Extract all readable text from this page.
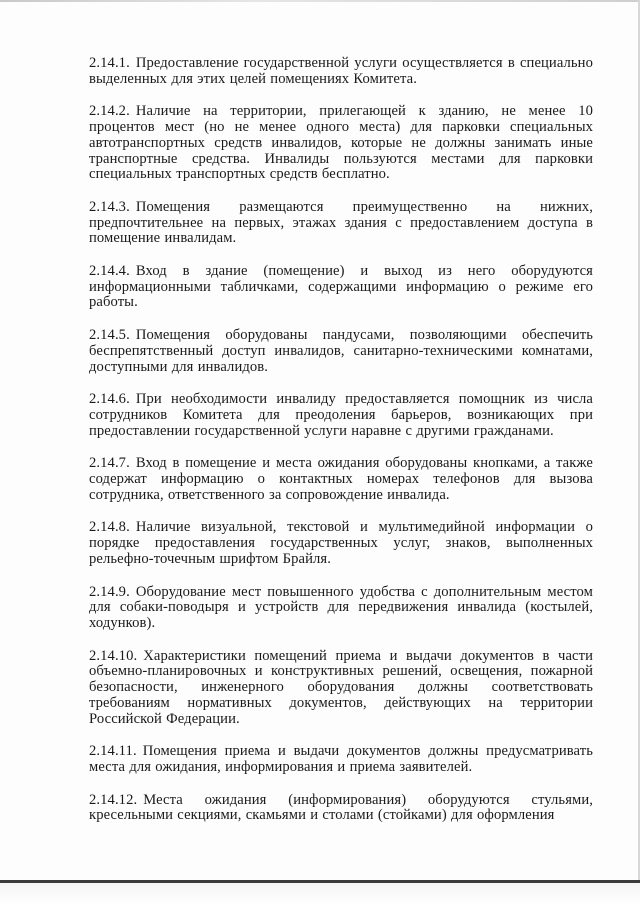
2.14.1. Предоставление государственной услуги осуществляется в специально выделенных для этих целей помещениях Комитета.

2.14.2. Наличие на территории, прилегающей к зданию, не менее 10 процентов мест (но не менее одного места) для парковки специальных автотранспортных средств инвалидов, которые не должны занимать иные транспортные средства. Инвалиды пользуются местами для парковки специальных транспортных средств бесплатно.

2.14.3. Помещения размещаются преимущественно на нижних, предпочтительнее на первых, этажах здания с предоставлением доступа в помещение инвалидам.

2.14.4. Вход в здание (помещение) и выход из него оборудуются информационными табличками, содержащими информацию о режиме его работы.

2.14.5. Помещения оборудованы пандусами, позволяющими обеспечить беспрепятственный доступ инвалидов, санитарно-техническими комнатами, доступными для инвалидов.

2.14.6. При необходимости инвалиду предоставляется помощник из числа сотрудников Комитета для преодоления барьеров, возникающих при предоставлении государственной услуги наравне с другими гражданами.

2.14.7. Вход в помещение и места ожидания оборудованы кнопками, а также содержат информацию о контактных номерах телефонов для вызова сотрудника, ответственного за сопровождение инвалида.

2.14.8. Наличие визуальной, текстовой и мультимедийной информации о порядке предоставления государственных услуг, знаков, выполненных рельефно-точечным шрифтом Брайля.

2.14.9. Оборудование мест повышенного удобства с дополнительным местом для собаки-поводыря и устройств для передвижения инвалида (костылей, ходунков).

2.14.10. Характеристики помещений приема и выдачи документов в части объемно-планировочных и конструктивных решений, освещения, пожарной безопасности, инженерного оборудования должны соответствовать требованиям нормативных документов, действующих на территории Российской Федерации.

2.14.11. Помещения приема и выдачи документов должны предусматривать места для ожидания, информирования и приема заявителей.

2.14.12. Места ожидания (информирования) оборудуются стульями, кресельными секциями, скамьями и столами (стойками) для оформления
